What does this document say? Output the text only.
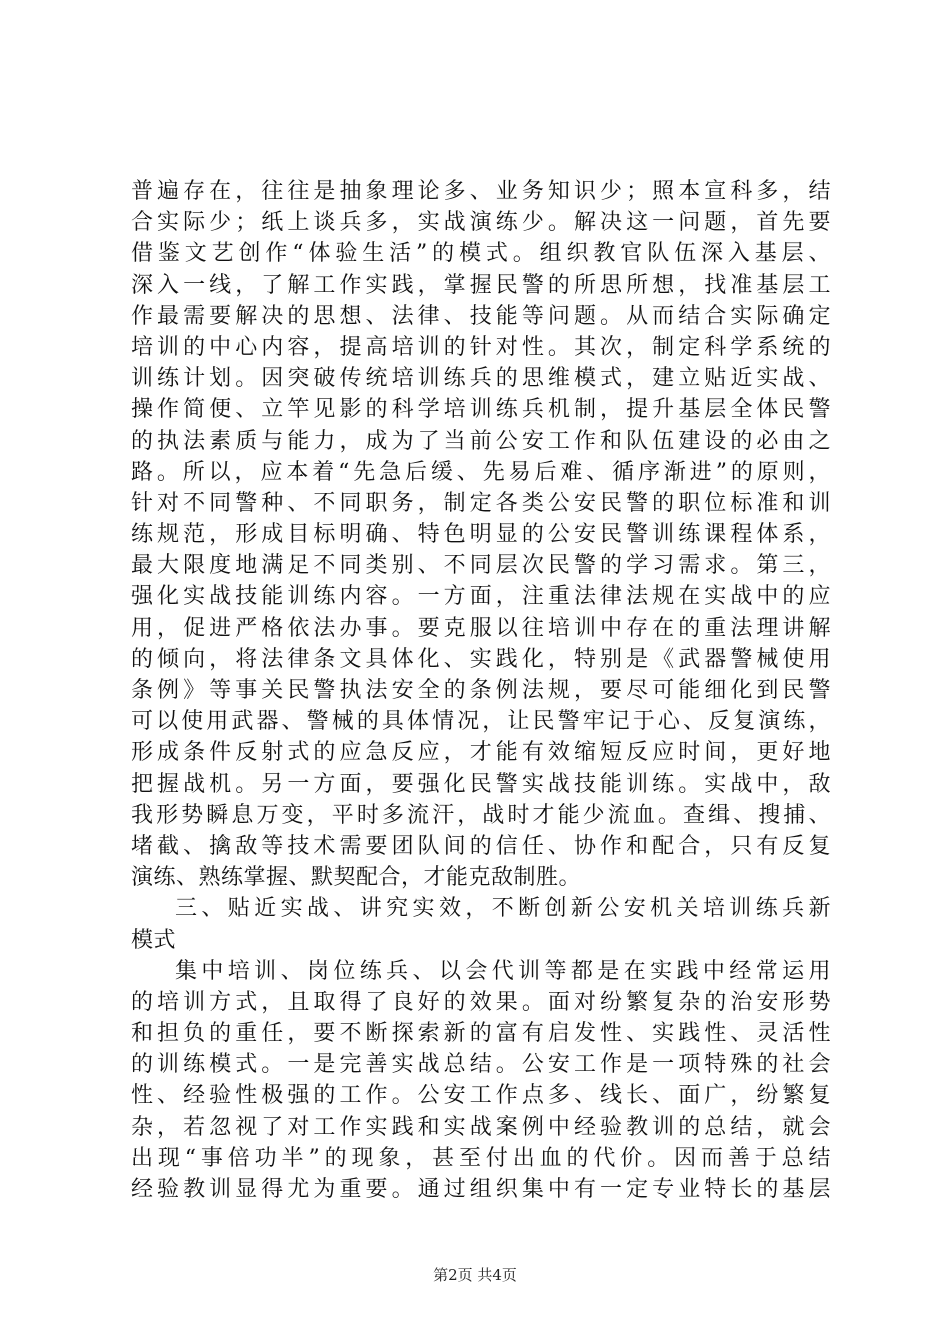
普遍存在，往往是抽象理论多、业务知识少；照本宣科多，结
合实际少；纸上谈兵多，实战演练少。解决这一问题，首先要
借鉴文艺创作“体验生活”的模式。组织教官队伍深入基层、
深入一线，了解工作实践，掌握民警的所思所想，找准基层工
作最需要解决的思想、法律、技能等问题。从而结合实际确定
培训的中心内容，提高培训的针对性。其次，制定科学系统的
训练计划。因突破传统培训练兵的思维模式，建立贴近实战、
操作简便、立竿见影的科学培训练兵机制，提升基层全体民警
的执法素质与能力，成为了当前公安工作和队伍建设的必由之
路。所以，应本着“先急后缓、先易后难、循序渐进”的原则，
针对不同警种、不同职务，制定各类公安民警的职位标准和训
练规范，形成目标明确、特色明显的公安民警训练课程体系，
最大限度地满足不同类别、不同层次民警的学习需求。第三，
强化实战技能训练内容。一方面，注重法律法规在实战中的应
用，促进严格依法办事。要克服以往培训中存在的重法理讲解
的倾向，将法律条文具体化、实践化，特别是《武器警械使用
条例》等事关民警执法安全的条例法规，要尽可能细化到民警
可以使用武器、警械的具体情况，让民警牢记于心、反复演练，
形成条件反射式的应急反应，才能有效缩短反应时间，更好地
把握战机。另一方面，要强化民警实战技能训练。实战中，敌
我形势瞬息万变，平时多流汗，战时才能少流血。查缉、搜捕、
堵截、擒敌等技术需要团队间的信任、协作和配合，只有反复
演练、熟练掌握、默契配合，才能克敌制胜。
三、贴近实战、讲究实效，不断创新公安机关培训练兵新
模式
集中培训、岗位练兵、以会代训等都是在实践中经常运用
的培训方式，且取得了良好的效果。面对纷繁复杂的治安形势
和担负的重任，要不断探索新的富有启发性、实践性、灵活性
的训练模式。一是完善实战总结。公安工作是一项特殊的社会
性、经验性极强的工作。公安工作点多、线长、面广，纷繁复
杂，若忽视了对工作实践和实战案例中经验教训的总结，就会
出现“事倍功半”的现象，甚至付出血的代价。因而善于总结
经验教训显得尤为重要。通过组织集中有一定专业特长的基层
第2页 共4页
